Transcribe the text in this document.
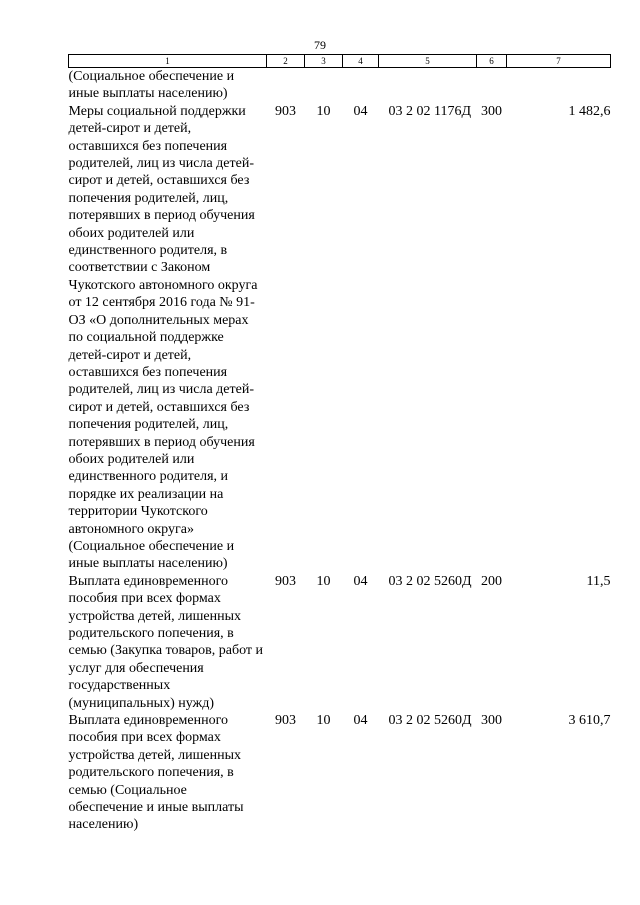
79
1	2	3	4	5	6	7
(Социальное обеспечение и иные выплаты населению)						
Меры социальной поддержки детей-сирот и детей, оставшихся без попечения родителей, лиц из числа детей-сирот и детей, оставшихся без попечения родителей, лиц, потерявших в период обучения обоих родителей или единственного родителя, в соответствии с Законом Чукотского автономного округа от 12 сентября 2016 года № 91-ОЗ «О дополнительных мерах по социальной поддержке детей-сирот и детей, оставшихся без попечения родителей, лиц из числа детей-сирот и детей, оставшихся без попечения родителей, лиц, потерявших в период обучения обоих родителей или единственного родителя, и порядке их реализации на территории Чукотского автономного округа» (Социальное обеспечение и иные выплаты населению)	903	10	04	03 2 02 1176Д	300	1 482,6
Выплата единовременного пособия при всех формах устройства детей, лишенных родительского попечения, в семью (Закупка товаров, работ и услуг для обеспечения государственных (муниципальных) нужд)	903	10	04	03 2 02 5260Д	200	11,5
Выплата единовременного пособия при всех формах устройства детей, лишенных родительского попечения, в семью (Социальное обеспечение и иные выплаты населению)	903	10	04	03 2 02 5260Д	300	3 610,7
